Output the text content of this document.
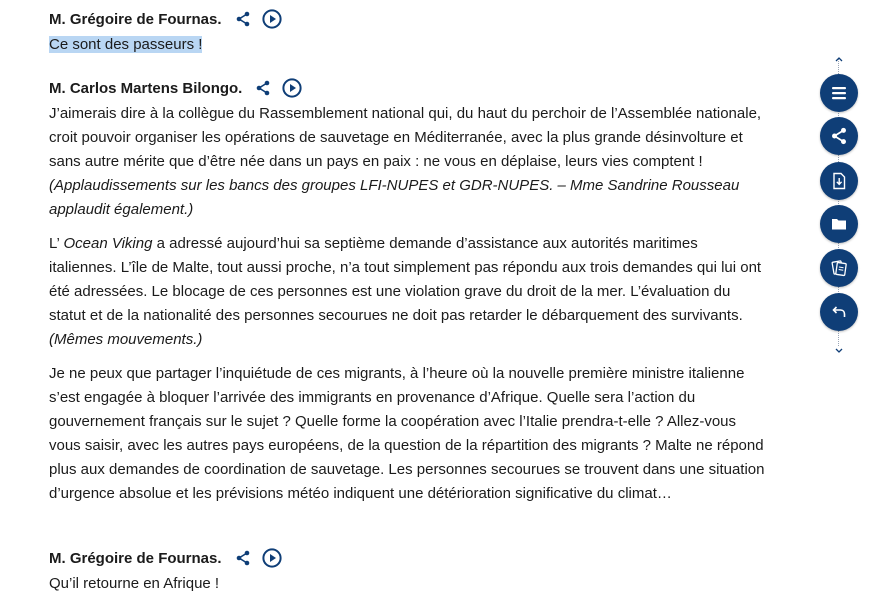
M. Grégoire de Fournas.

Ce sont des passeurs !

M. Carlos Martens Bilongo.

J’aimerais dire à la collègue du Rassemblement national qui, du haut du perchoir de l’Assemblée nationale, croit pouvoir organiser les opérations de sauvetage en Méditerranée, avec la plus grande désinvolture et sans autre mérite que d’être née dans un pays en paix : ne vous en déplaise, leurs vies comptent ! (Applaudissements sur les bancs des groupes LFI-NUPES et GDR-NUPES. – Mme Sandrine Rousseau applaudit également.)

L’ Ocean Viking a adressé aujourd’hui sa septième demande d’assistance aux autorités maritimes italiennes. L’île de Malte, tout aussi proche, n’a tout simplement pas répondu aux trois demandes qui lui ont été adressées. Le blocage de ces personnes est une violation grave du droit de la mer. L’évaluation du statut et de la nationalité des personnes secourues ne doit pas retarder le débarquement des survivants. (Mêmes mouvements.)

Je ne peux que partager l’inquiétude de ces migrants, à l’heure où la nouvelle première ministre italienne s’est engagée à bloquer l’arrivée des immigrants en provenance d’Afrique. Quelle sera l’action du gouvernement français sur le sujet ? Quelle forme la coopération avec l’Italie prendra-t-elle ? Allez-vous vous saisir, avec les autres pays européens, de la question de la répartition des migrants ? Malte ne répond plus aux demandes de coordination de sauvetage. Les personnes secourues se trouvent dans une situation d’urgence absolue et les prévisions météo indiquent une détérioration significative du climat…

M. Grégoire de Fournas.

Qu’il retourne en Afrique !
